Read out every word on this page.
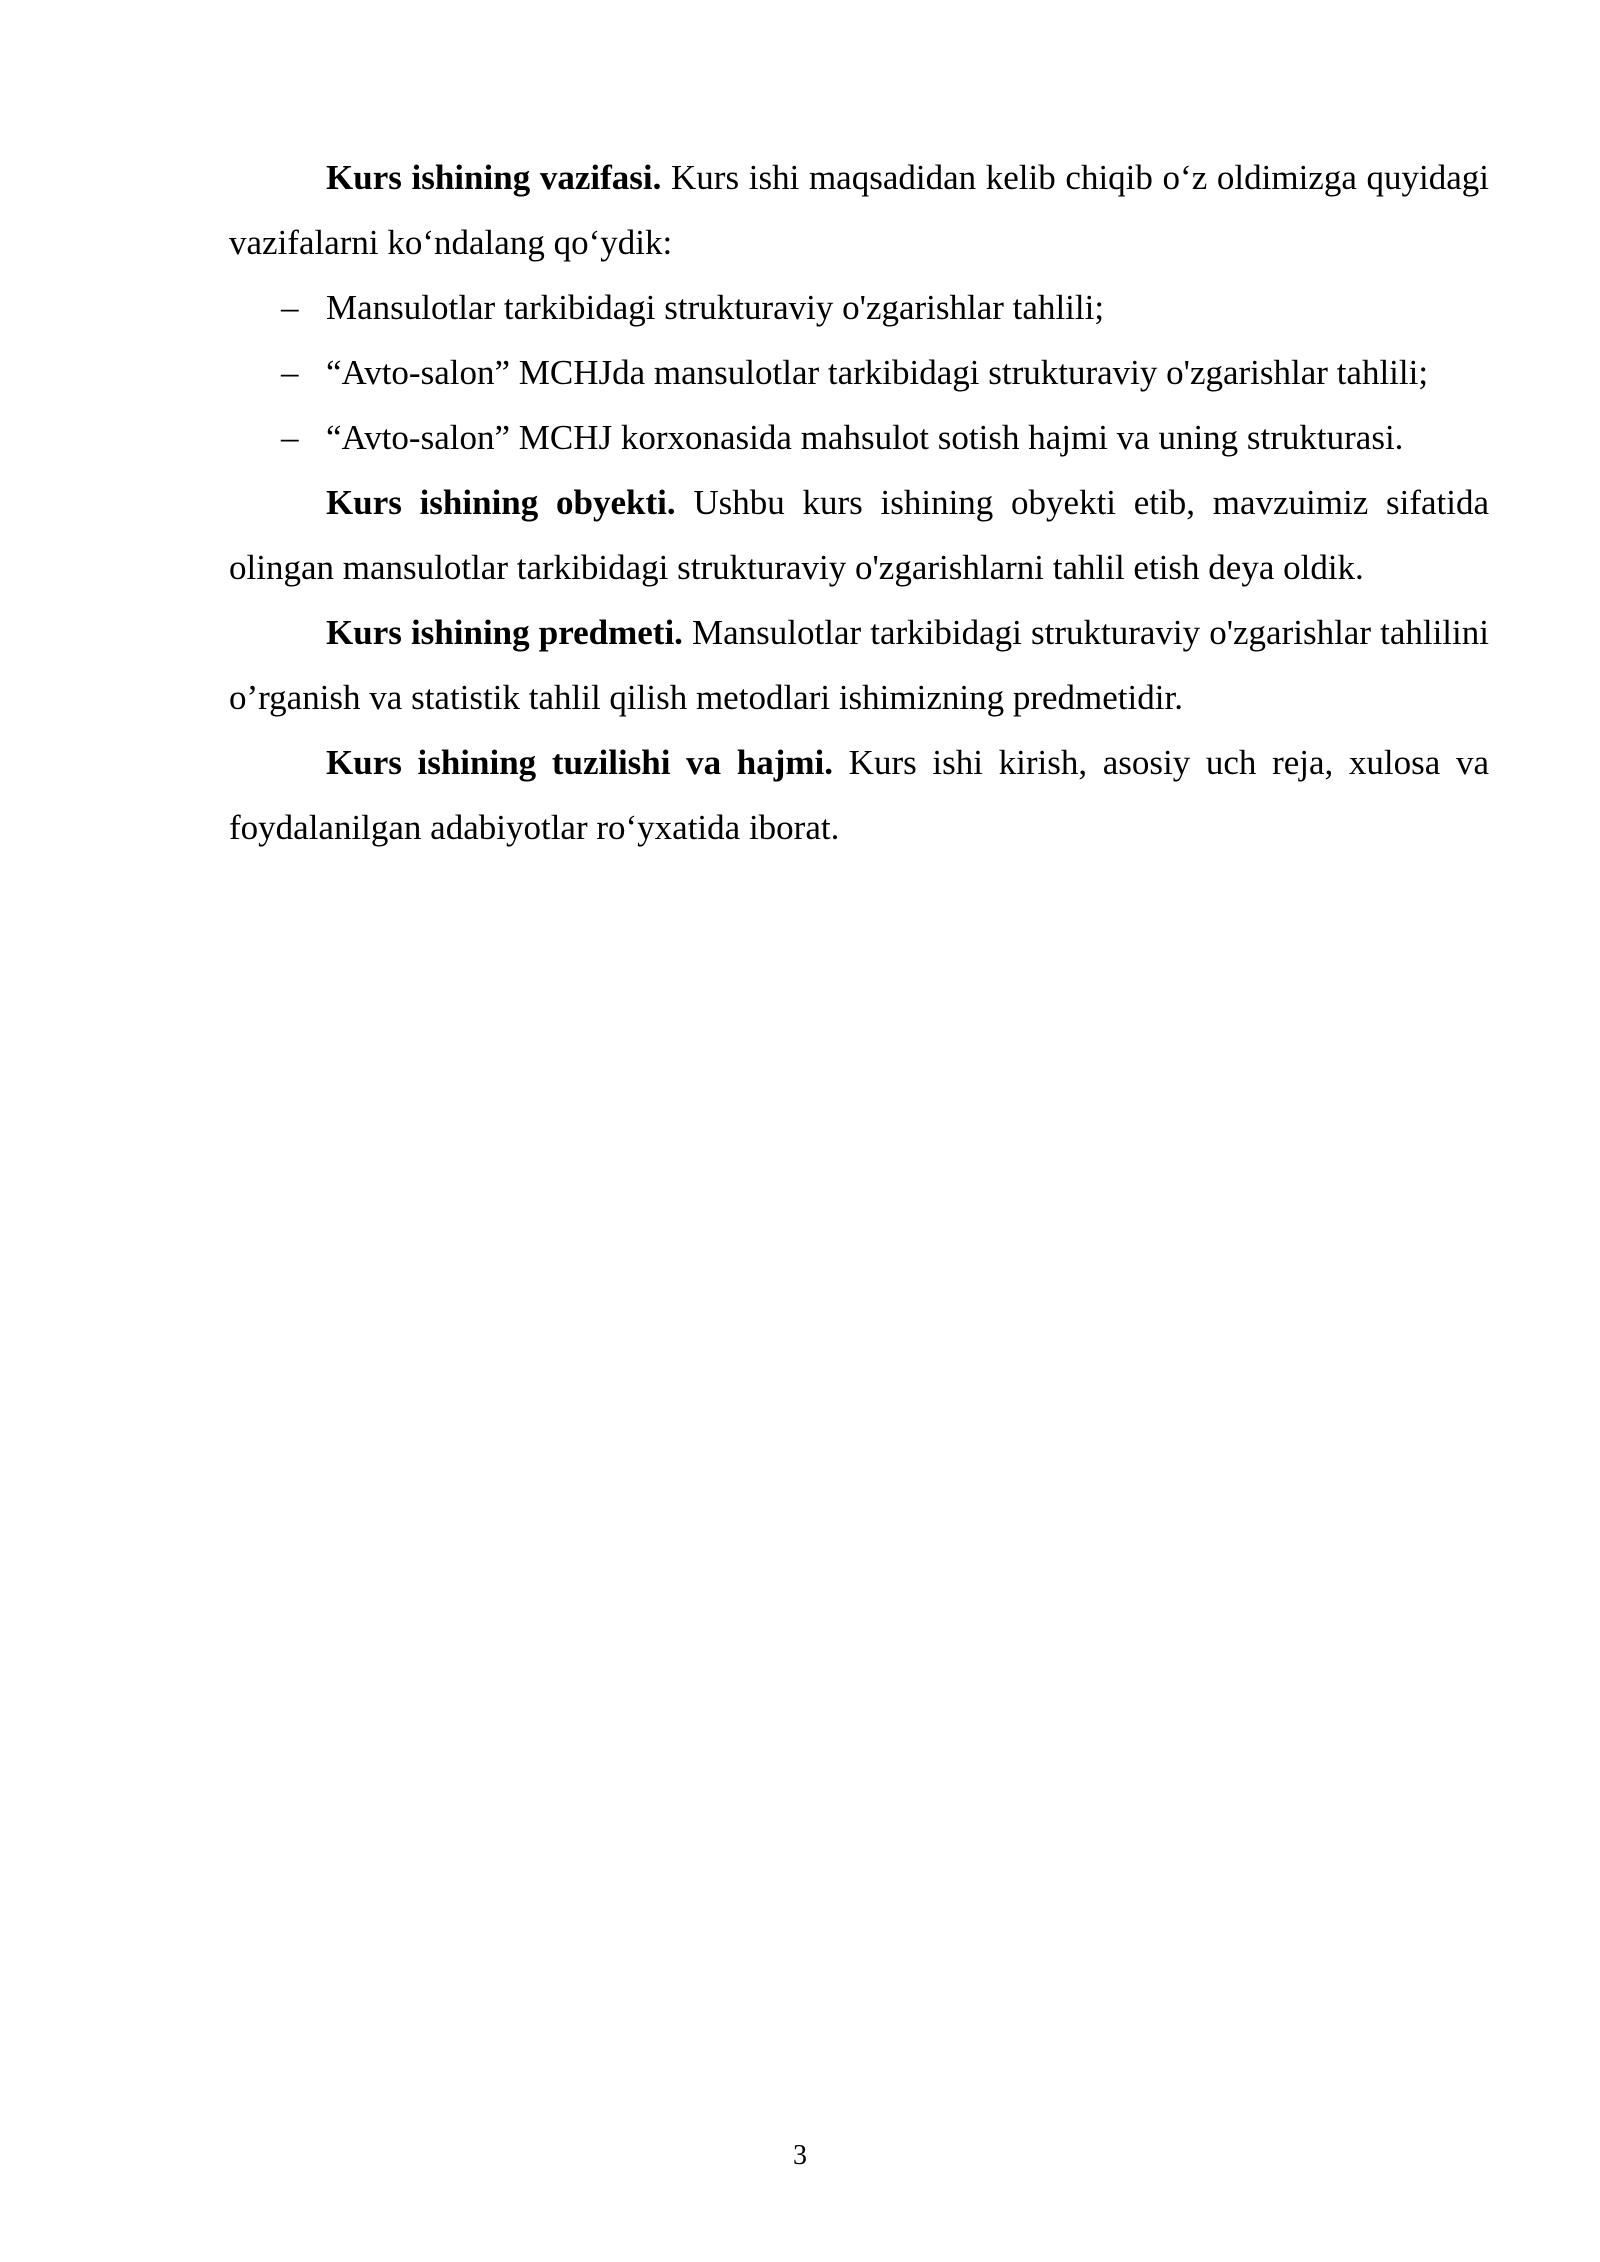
Kurs ishining vazifasi. Kurs ishi maqsadidan kelib chiqib o‘z oldimizga quyidagi vazifalarni ko‘ndalang qo‘ydik:

– Mansulotlar tarkibidagi strukturaviy o'zgarishlar tahlili;
– “Avto-salon” MCHJda mansulotlar tarkibidagi strukturaviy o'zgarishlar tahlili;
– “Avto-salon” MCHJ korxonasida mahsulot sotish hajmi va uning strukturasi.

Kurs ishining obyekti. Ushbu kurs ishining obyekti etib, mavzuimiz sifatida olingan mansulotlar tarkibidagi strukturaviy o'zgarishlarni tahlil etish deya oldik.

Kurs ishining predmeti. Mansulotlar tarkibidagi strukturaviy o'zgarishlar tahlilini o’rganish va statistik tahlil qilish metodlari ishimizning predmetidir.

Kurs ishining tuzilishi va hajmi. Kurs ishi kirish, asosiy uch reja, xulosa va foydalanilgan adabiyotlar ro‘yxatida iborat.

3
